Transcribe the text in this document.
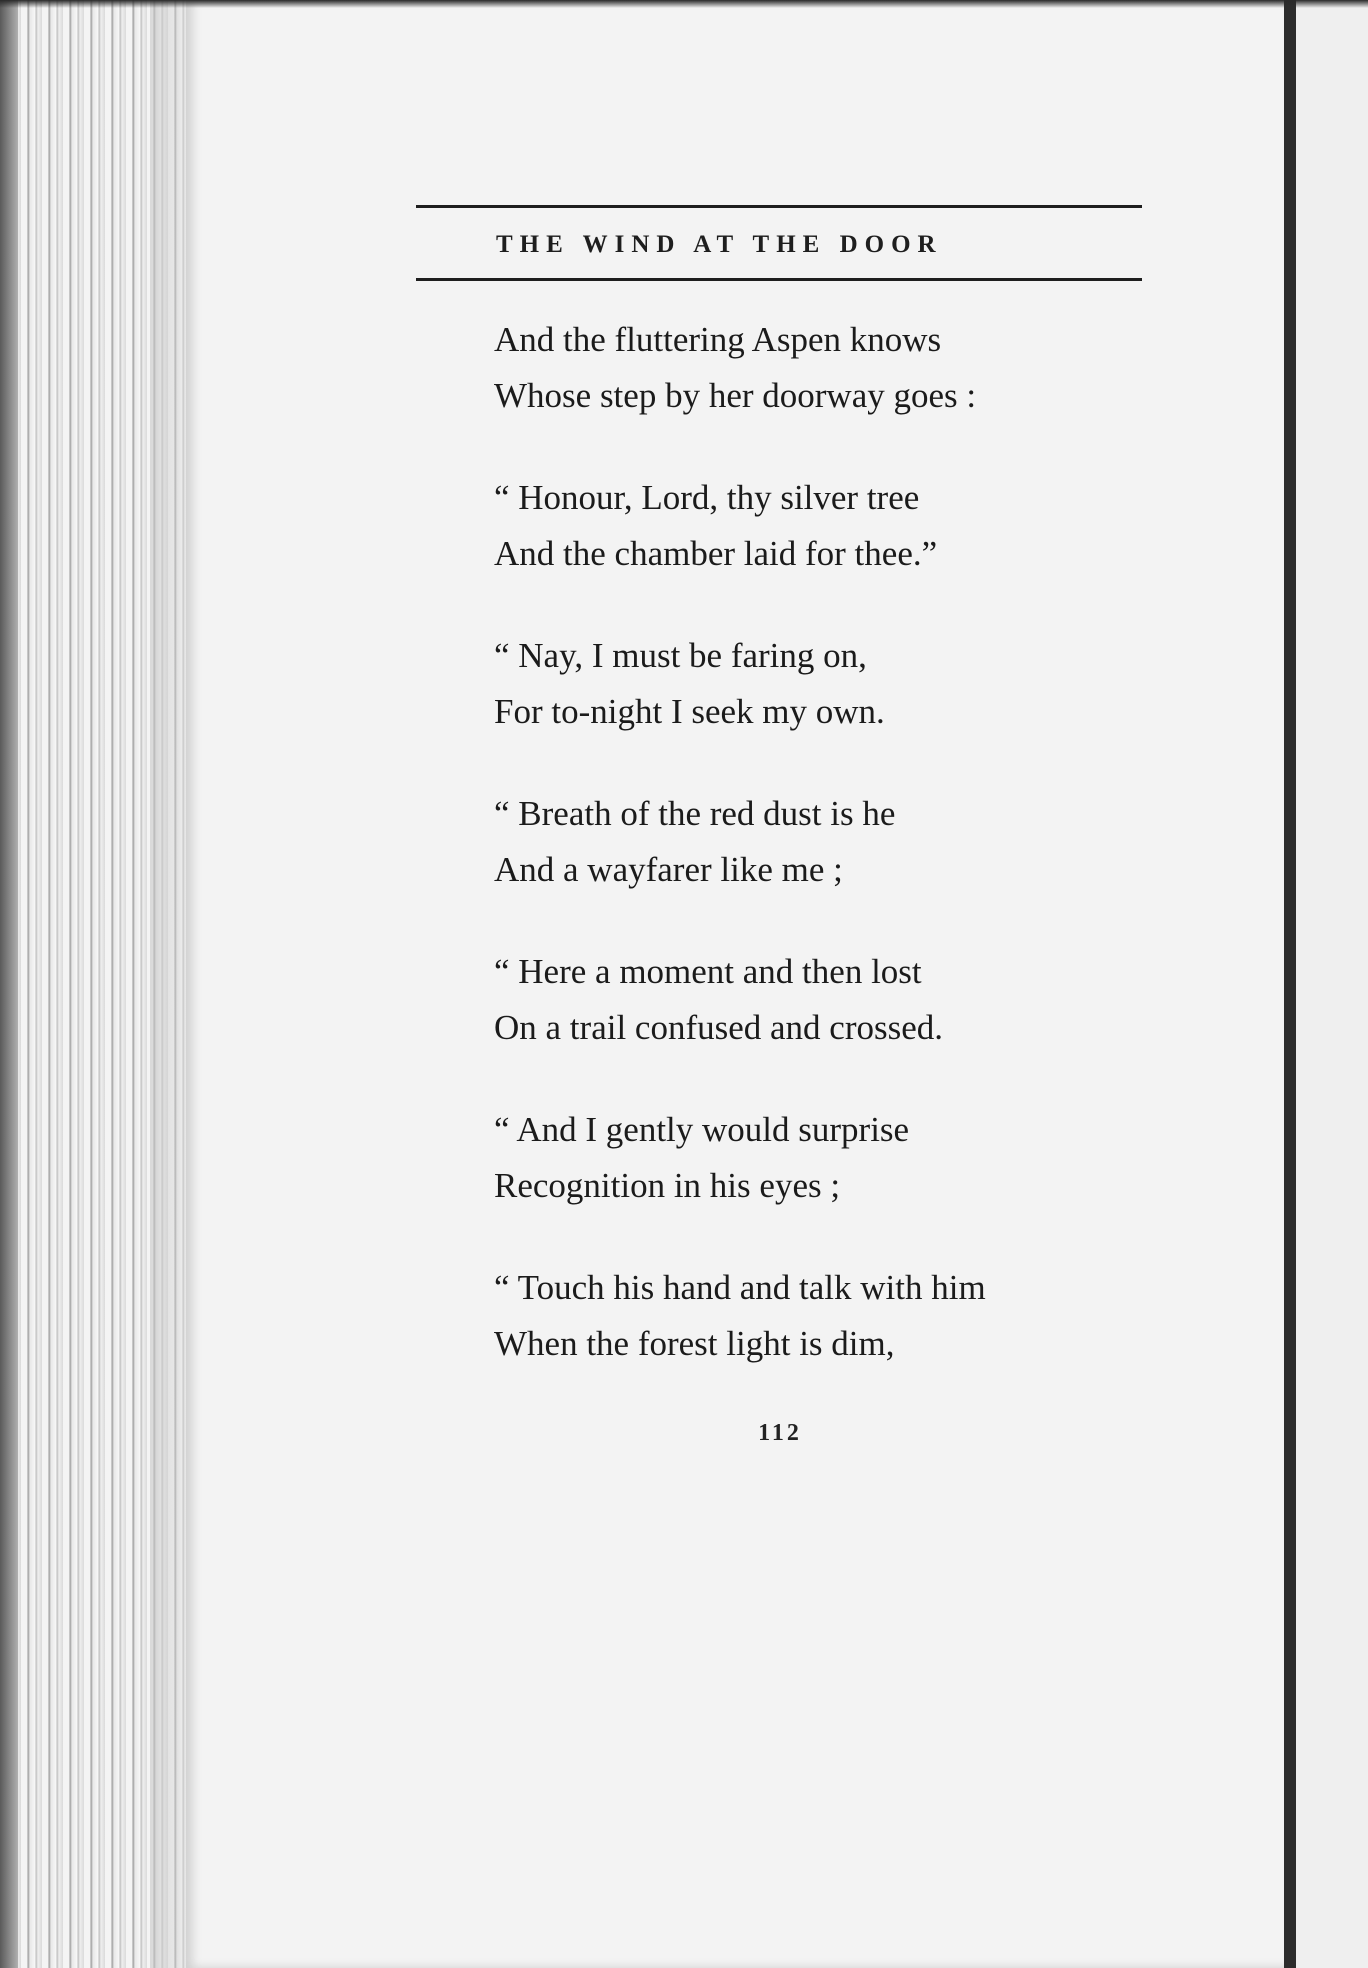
THE WIND AT THE DOOR
And the fluttering Aspen knows
Whose step by her doorway goes :
“ Honour, Lord, thy silver tree
And the chamber laid for thee.”
“ Nay, I must be faring on,
For to-night I seek my own.
“ Breath of the red dust is he
And a wayfarer like me ;
“ Here a moment and then lost
On a trail confused and crossed.
“ And I gently would surprise
Recognition in his eyes ;
“ Touch his hand and talk with him
When the forest light is dim,
112
